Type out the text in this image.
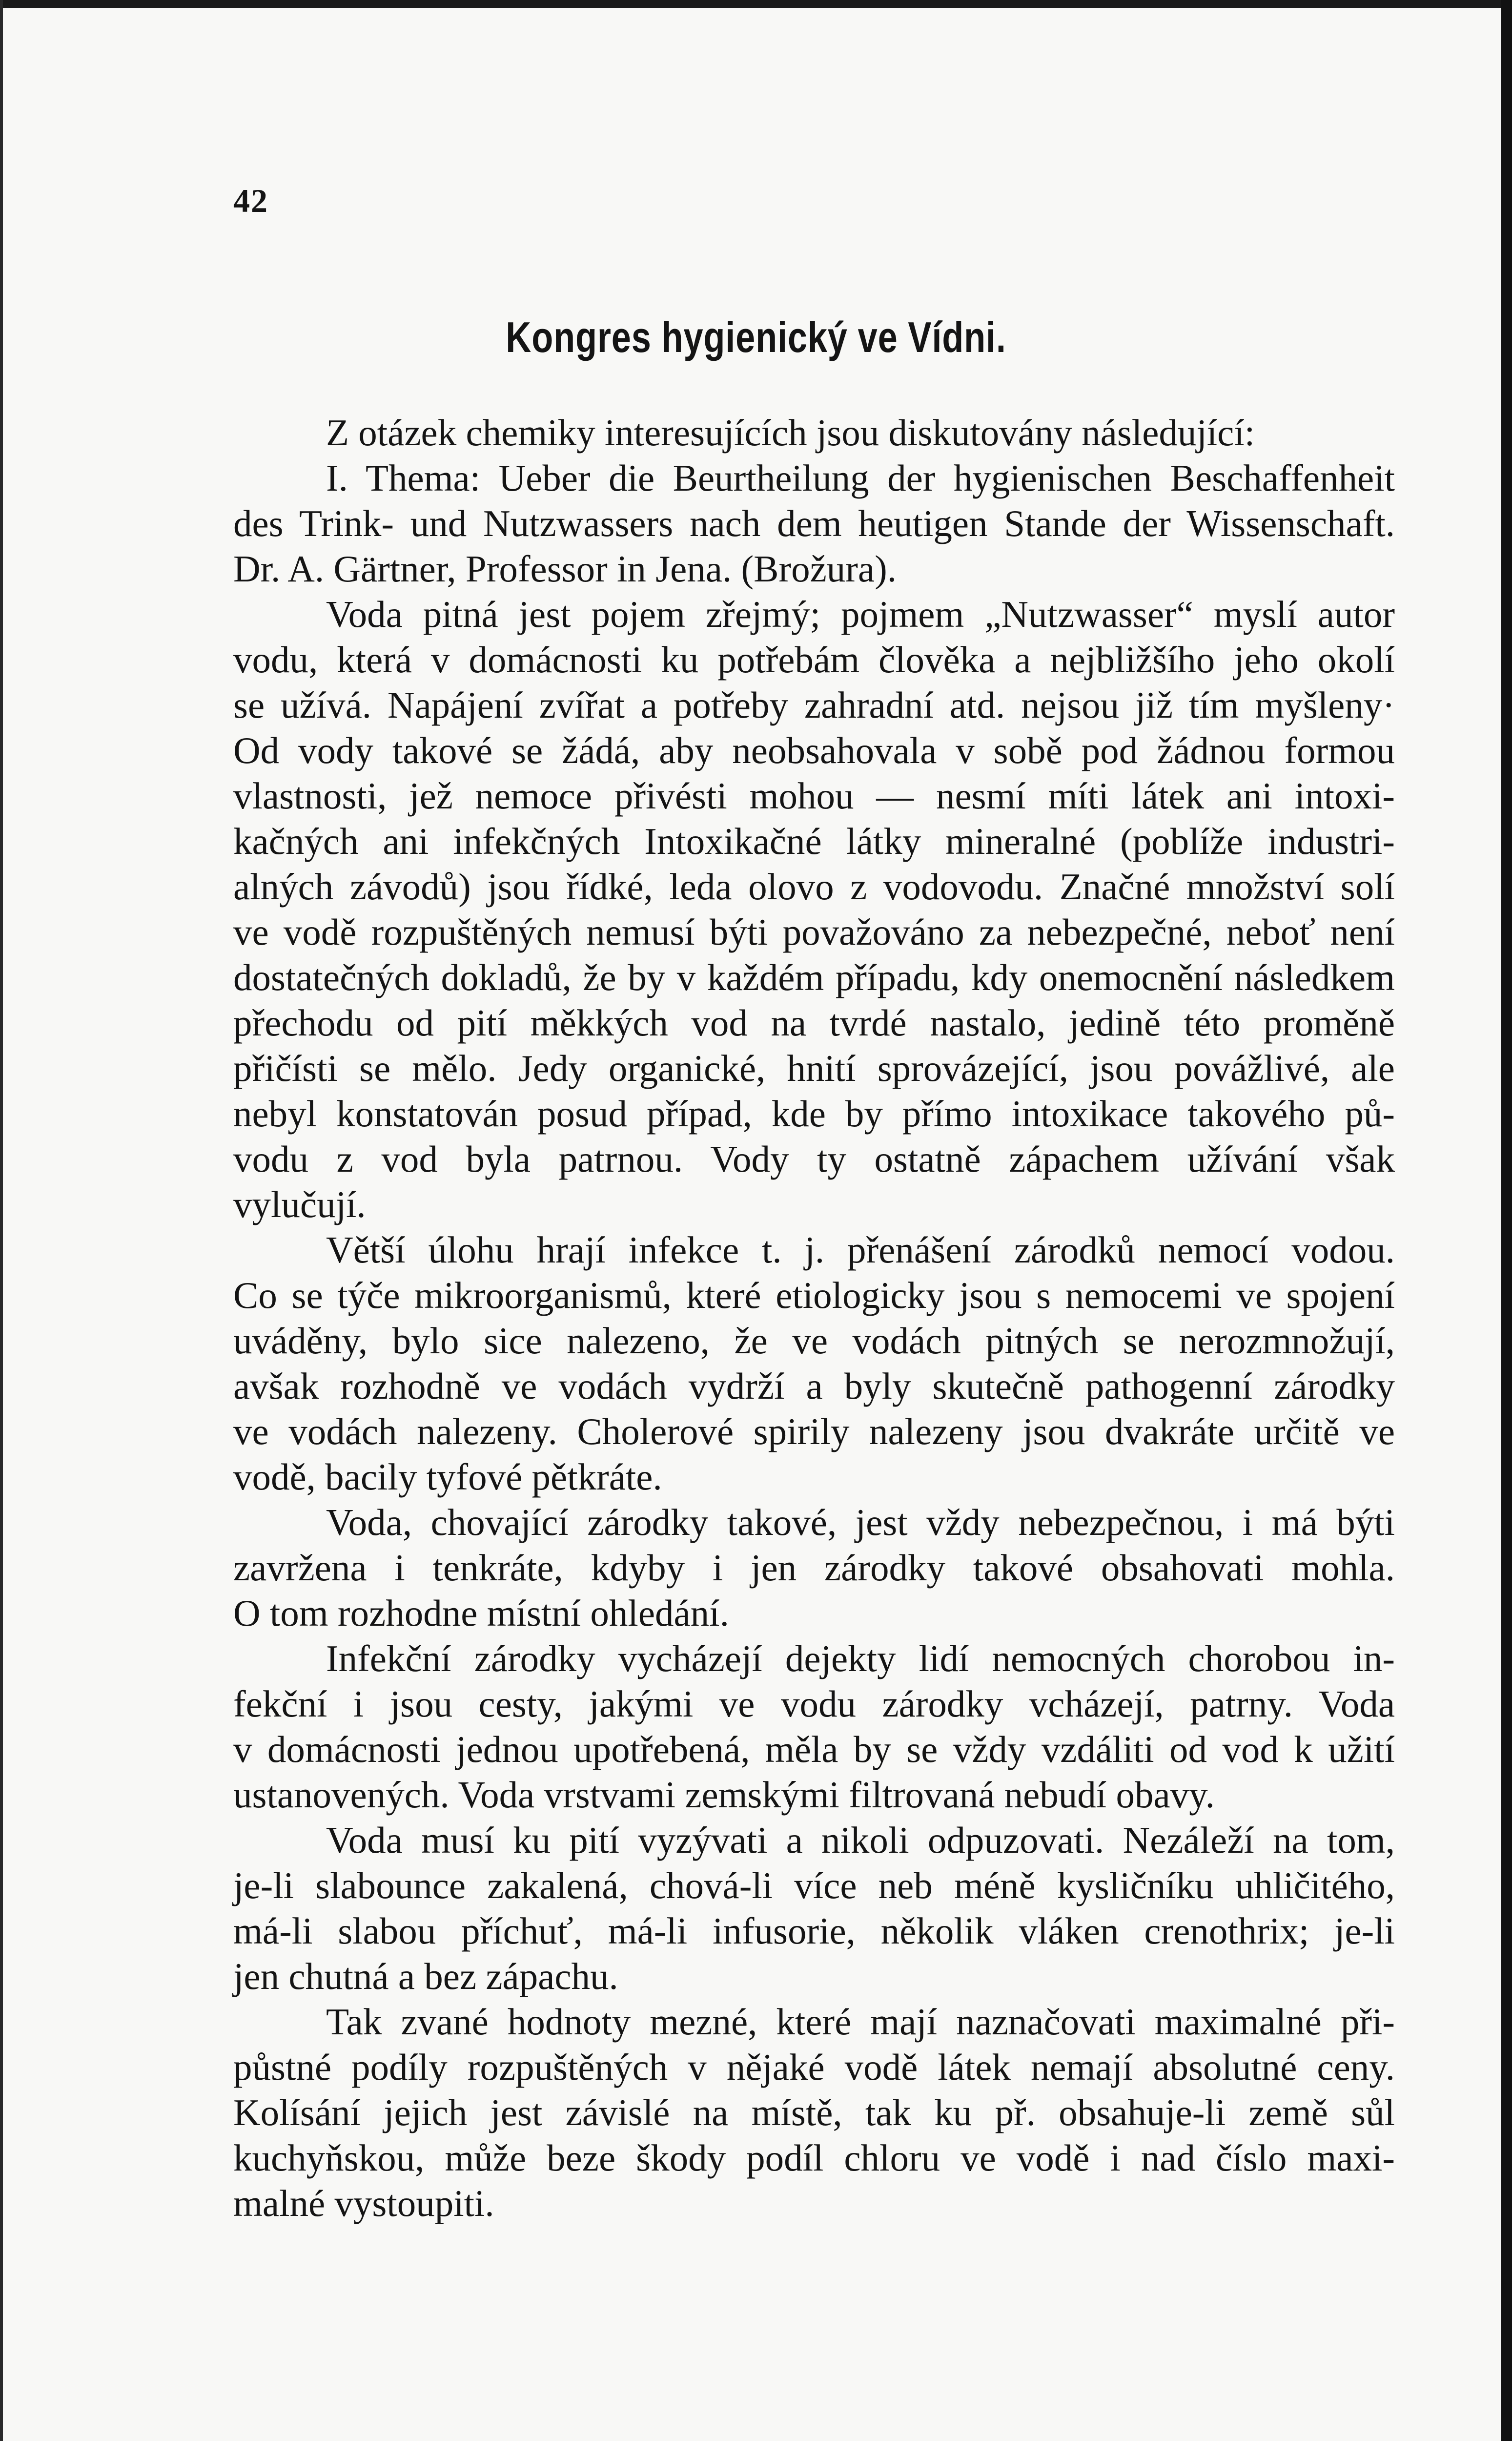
42
Kongres hygienický ve Vídni.
Z otázek chemiky interesujících jsou diskutovány následující:
I. Thema: Ueber die Beurtheilung der hygienischen Beschaffenheit
des Trink- und Nutzwassers nach dem heutigen Stande der Wissenschaft.
Dr. A. Gärtner, Professor in Jena. (Brožura).
Voda pitná jest pojem zřejmý; pojmem „Nutzwasser“ myslí autor
vodu, která v domácnosti ku potřebám člověka a nejbližšího jeho okolí
se užívá. Napájení zvířat a potřeby zahradní atd. nejsou již tím myšleny·
Od vody takové se žádá, aby neobsahovala v sobě pod žádnou formou
vlastnosti, jež nemoce přivésti mohou — nesmí míti látek ani intoxi-
kačných ani infekčných Intoxikačné látky mineralné (poblíže industri-
alných závodů) jsou řídké, leda olovo z vodovodu. Značné množství solí
ve vodě rozpuštěných nemusí býti považováno za nebezpečné, neboť není
dostatečných dokladů, že by v každém případu, kdy onemocnění následkem
přechodu od pití měkkých vod na tvrdé nastalo, jedině této proměně
přičísti se mělo. Jedy organické, hnití sprovázející, jsou povážlivé, ale
nebyl konstatován posud případ, kde by přímo intoxikace takového pů-
vodu z vod byla patrnou. Vody ty ostatně zápachem užívání však
vylučují.
Větší úlohu hrají infekce t. j. přenášení zárodků nemocí vodou.
Co se týče mikroorganismů, které etiologicky jsou s nemocemi ve spojení
uváděny, bylo sice nalezeno, že ve vodách pitných se nerozmnožují,
avšak rozhodně ve vodách vydrží a byly skutečně pathogenní zárodky
ve vodách nalezeny. Cholerové spirily nalezeny jsou dvakráte určitě ve
vodě, bacily tyfové pětkráte.
Voda, chovající zárodky takové, jest vždy nebezpečnou, i má býti
zavržena i tenkráte, kdyby i jen zárodky takové obsahovati mohla.
O tom rozhodne místní ohledání.
Infekční zárodky vycházejí dejekty lidí nemocných chorobou in-
fekční i jsou cesty, jakými ve vodu zárodky vcházejí, patrny. Voda
v domácnosti jednou upotřebená, měla by se vždy vzdáliti od vod k užití
ustanovených. Voda vrstvami zemskými filtrovaná nebudí obavy.
Voda musí ku pití vyzývati a nikoli odpuzovati. Nezáleží na tom,
je-li slabounce zakalená, chová-li více neb méně kysličníku uhličitého,
má-li slabou příchuť, má-li infusorie, několik vláken crenothrix; je-li
jen chutná a bez zápachu.
Tak zvané hodnoty mezné, které mají naznačovati maximalné při-
půstné podíly rozpuštěných v nějaké vodě látek nemají absolutné ceny.
Kolísání jejich jest závislé na místě, tak ku př. obsahuje-li země sůl
kuchyňskou, může beze škody podíl chloru ve vodě i nad číslo maxi-
malné vystoupiti.
